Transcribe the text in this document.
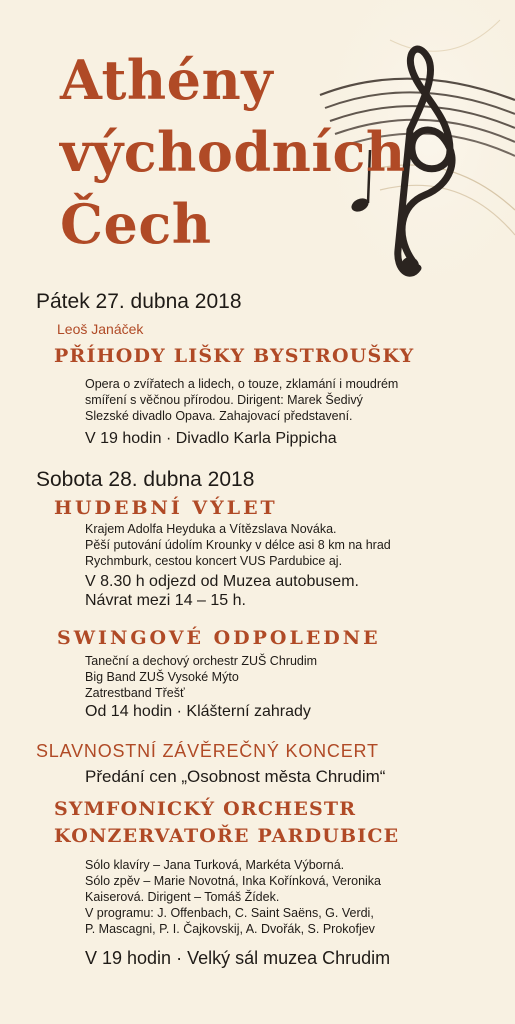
Athény
východních
Čech
Pátek 27. dubna 2018
Leoš Janáček
PŘÍHODY LIŠKY BYSTROUŠKY
Opera o zvířatech a lidech, o touze, zklamání i moudrém
smíření s věčnou přírodou. Dirigent: Marek Šedivý
Slezské divadlo Opava. Zahajovací představení.
V 19 hodin · Divadlo Karla Pippicha
Sobota 28. dubna 2018
HUDEBNÍ VÝLET
Krajem Adolfa Heyduka a Vítězslava Nováka.
Pěší putování údolím Krounky v délce asi 8 km na hrad
Rychmburk, cestou koncert VUS Pardubice aj.
V 8.30 h odjezd od Muzea autobusem.
Návrat mezi 14 – 15 h.
SWINGOVÉ ODPOLEDNE
Taneční a dechový orchestr ZUŠ Chrudim
Big Band ZUŠ Vysoké Mýto
Zatrestband Třešť
Od 14 hodin · Klášterní zahrady
SLAVNOSTNÍ ZÁVĚREČNÝ KONCERT
Předání cen „Osobnost města Chrudim“
SYMFONICKÝ ORCHESTR
KONZERVATOŘE PARDUBICE
Sólo klavíry – Jana Turková, Markéta Výborná.
Sólo zpěv – Marie Novotná, Inka Kořínková, Veronika
Kaiserová. Dirigent – Tomáš Žídek.
V programu: J. Offenbach, C. Saint Saëns, G. Verdi,
P. Mascagni, P. I. Čajkovskij, A. Dvořák, S. Prokofjev
V 19 hodin · Velký sál muzea Chrudim
